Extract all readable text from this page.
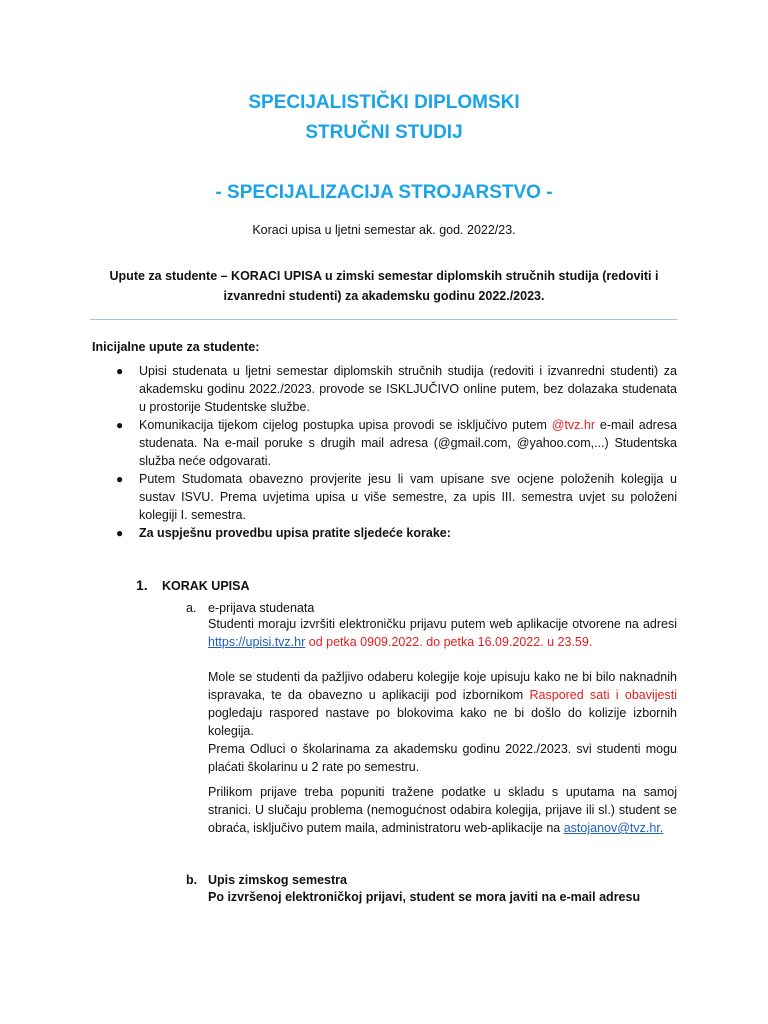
SPECIJALISTIČKI DIPLOMSKI
STRUČNI STUDIJ
- SPECIJALIZACIJA STROJARSTVO -
Koraci upisa u ljetni semestar ak. god. 2022/23.
Upute za studente – KORACI UPISA u zimski semestar diplomskih stručnih studija (redoviti i
izvanredni studenti) za akademsku godinu 2022./2023.
Inicijalne upute za studente:
● Upisi studenata u ljetni semestar diplomskih stručnih studija (redoviti i izvanredni studenti) za akademsku godinu 2022./2023. provode se ISKLJUČIVO online putem, bez dolazaka studenata u prostorije Studentske službe.
● Komunikacija tijekom cijelog postupka upisa provodi se isključivo putem @tvz.hr e-mail adresa studenata. Na e-mail poruke s drugih mail adresa (@gmail.com, @yahoo.com,...) Studentska služba neće odgovarati.
● Putem Studomata obavezno provjerite jesu li vam upisane sve ocjene položenih kolegija u sustav ISVU. Prema uvjetima upisa u više semestre, za upis III. semestra uvjet su položeni kolegiji I. semestra.
● Za uspješnu provedbu upisa pratite sljedeće korake:
1. KORAK UPISA
a. e-prijava studenata
Studenti moraju izvršiti elektroničku prijavu putem web aplikacije otvorene na adresi https://upisi.tvz.hr od petka 0909.2022. do petka 16.09.2022. u 23.59.
Mole se studenti da pažljivo odaberu kolegije koje upisuju kako ne bi bilo naknadnih ispravaka, te da obavezno u aplikaciji pod izbornikom Raspored sati i obavijesti pogledaju raspored nastave po blokovima kako ne bi došlo do kolizije izbornih kolegija.
Prema Odluci o školarinama za akademsku godinu 2022./2023. svi studenti mogu plaćati školarinu u 2 rate po semestru.
Prilikom prijave treba popuniti tražene podatke u skladu s uputama na samoj stranici. U slučaju problema (nemogućnost odabira kolegija, prijave ili sl.) student se obraća, isključivo putem maila, administratoru web-aplikacije na astojanov@tvz.hr.
b. Upis zimskog semestra
Po izvršenoj elektroničkoj prijavi, student se mora javiti na e-mail adresu
